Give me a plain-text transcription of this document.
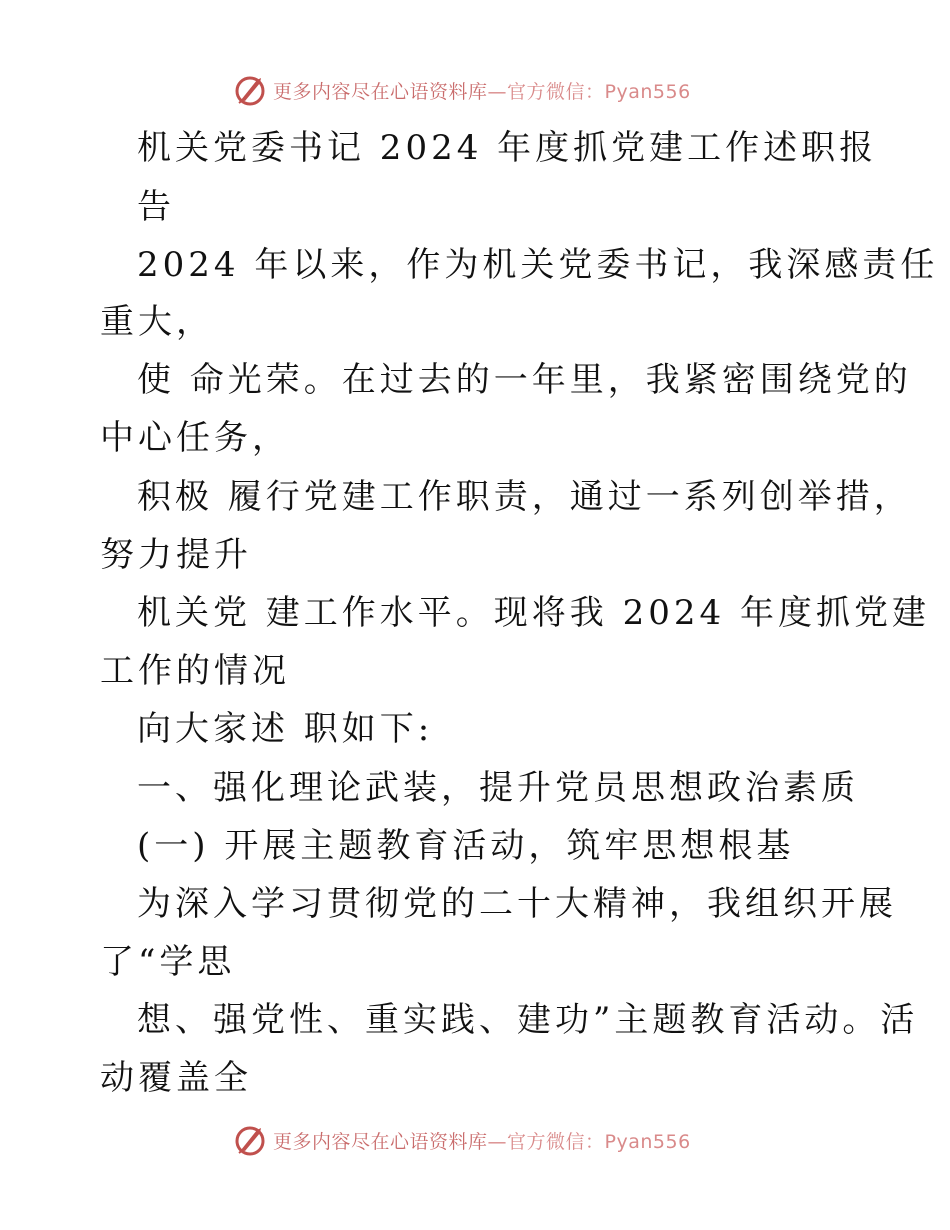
更多内容尽在心语资料库—官方微信：Pyan556
机关党委书记 2024 年度抓党建工作述职报
告
2024 年以来，作为机关党委书记，我深感责任
重大，
使 命光荣。在过去的一年里，我紧密围绕党的
中心任务，
积极 履行党建工作职责，通过一系列创举措，
努力提升
机关党 建工作水平。现将我 2024 年度抓党建
工作的情况
向大家述 职如下:
一、强化理论武装，提升党员思想政治素质
(一) 开展主题教育活动，筑牢思想根基
为深入学习贯彻党的二十大精神，我组织开展
了“学思
想、强党性、重实践、建功”主题教育活动。活
动覆盖全
更多内容尽在心语资料库—官方微信：Pyan556
